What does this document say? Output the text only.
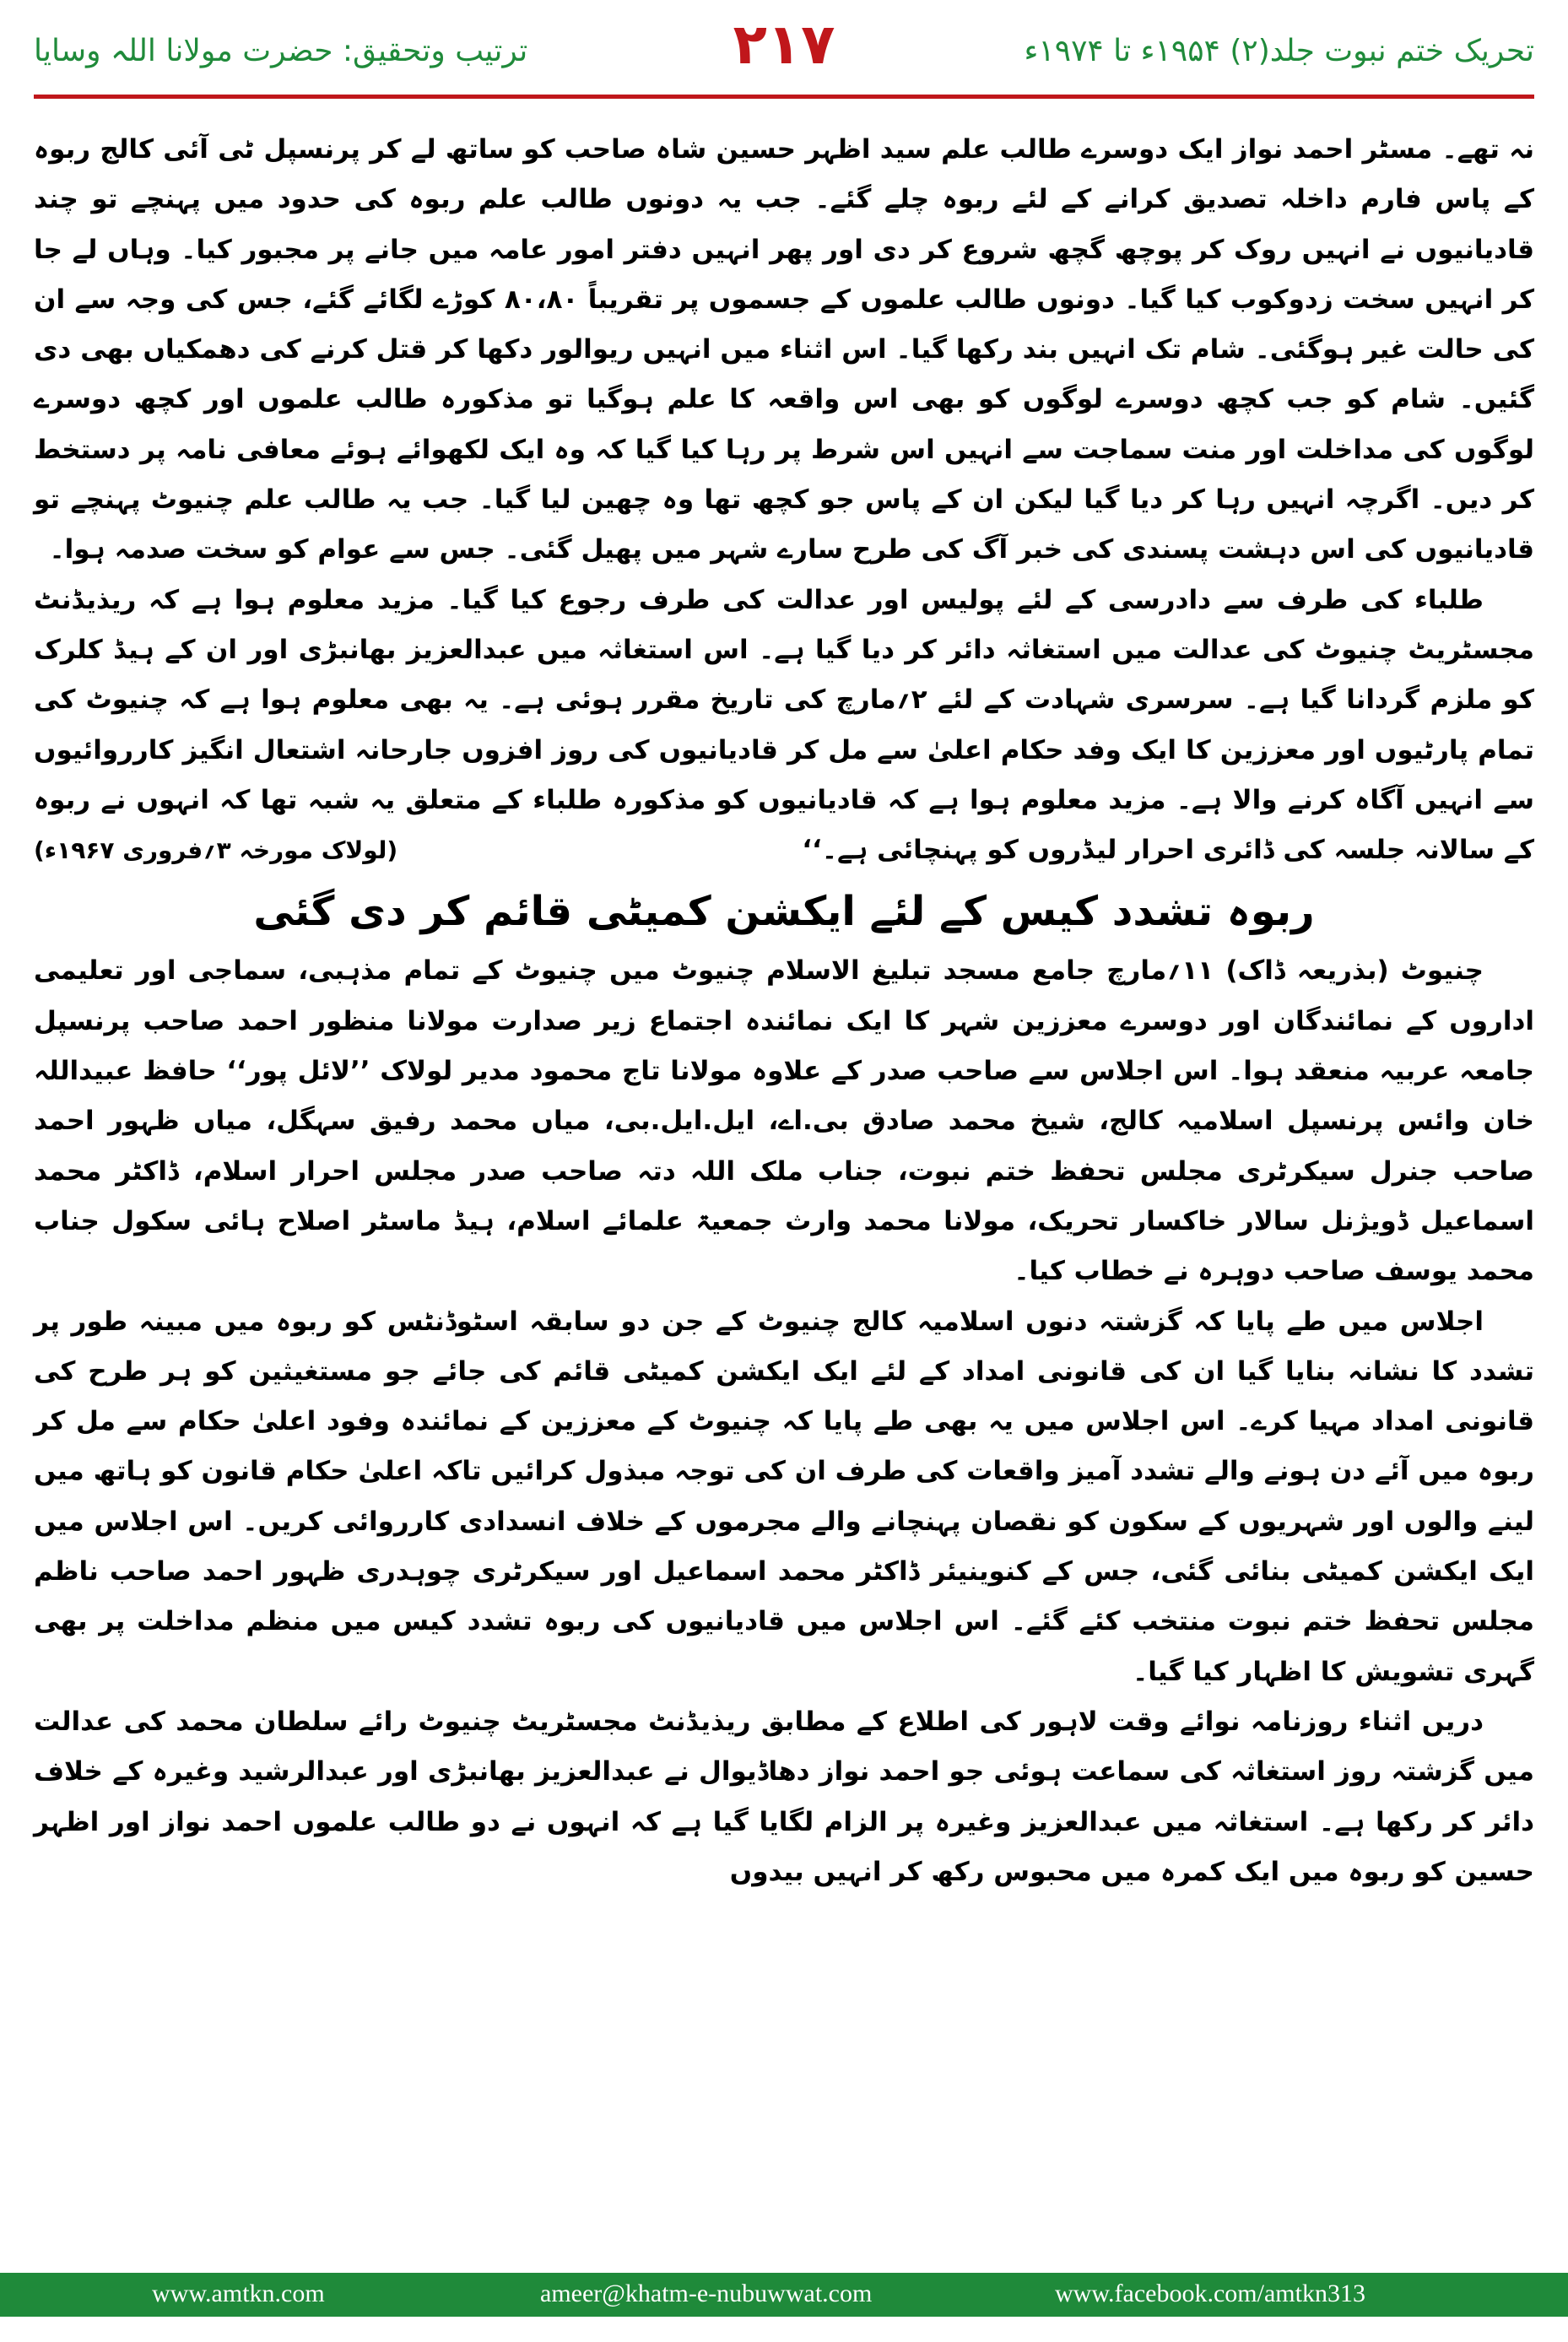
تحریک ختم نبوت جلد(۲) ۱۹۵۴ء تا ۱۹۷۴ء
۲۱۷
ترتیب وتحقیق: حضرت مولانا اللہ وسایا

نہ تھے۔ مسٹر احمد نواز ایک دوسرے طالب علم سید اظہر حسین شاہ صاحب کو ساتھ لے کر پرنسپل ٹی آئی کالج ربوہ کے پاس فارم داخلہ تصدیق کرانے کے لئے ربوہ چلے گئے۔ جب یہ دونوں طالب علم ربوہ کی حدود میں پہنچے تو چند قادیانیوں نے انہیں روک کر پوچھ گچھ شروع کر دی اور پھر انہیں دفتر امور عامہ میں جانے پر مجبور کیا۔ وہاں لے جا کر انہیں سخت زدوکوب کیا گیا۔ دونوں طالب علموں کے جسموں پر تقریباً ۸۰،۸۰ کوڑے لگائے گئے، جس کی وجہ سے ان کی حالت غیر ہوگئی۔ شام تک انہیں بند رکھا گیا۔ اس اثناء میں انہیں ریوالور دکھا کر قتل کرنے کی دھمکیاں بھی دی گئیں۔ شام کو جب کچھ دوسرے لوگوں کو بھی اس واقعہ کا علم ہوگیا تو مذکورہ طالب علموں اور کچھ دوسرے لوگوں کی مداخلت اور منت سماجت سے انہیں اس شرط پر رہا کیا گیا کہ وہ ایک لکھوائے ہوئے معافی نامہ پر دستخط کر دیں۔ اگرچہ انہیں رہا کر دیا گیا لیکن ان کے پاس جو کچھ تھا وہ چھین لیا گیا۔ جب یہ طالب علم چنیوٹ پہنچے تو قادیانیوں کی اس دہشت پسندی کی خبر آگ کی طرح سارے شہر میں پھیل گئی۔ جس سے عوام کو سخت صدمہ ہوا۔

طلباء کی طرف سے دادرسی کے لئے پولیس اور عدالت کی طرف رجوع کیا گیا۔ مزید معلوم ہوا ہے کہ ریذیڈنٹ مجسٹریٹ چنیوٹ کی عدالت میں استغاثہ دائر کر دیا گیا ہے۔ اس استغاثہ میں عبدالعزیز بھانبڑی اور ان کے ہیڈ کلرک کو ملزم گردانا گیا ہے۔ سرسری شہادت کے لئے ۲؍مارچ کی تاریخ مقرر ہوئی ہے۔ یہ بھی معلوم ہوا ہے کہ چنیوٹ کی تمام پارٹیوں اور معززین کا ایک وفد حکام اعلیٰ سے مل کر قادیانیوں کی روز افزوں جارحانہ اشتعال انگیز کارروائیوں سے انہیں آگاہ کرنے والا ہے۔ مزید معلوم ہوا ہے کہ قادیانیوں کو مذکورہ طلباء کے متعلق یہ شبہ تھا کہ انہوں نے ربوہ کے سالانہ جلسہ کی ڈائری احرار لیڈروں کو پہنچائی ہے۔‘‘
(لولاک مورخہ ۳؍فروری ۱۹۶۷ء)

ربوہ تشدد کیس کے لئے ایکشن کمیٹی قائم کر دی گئی

چنیوٹ (بذریعہ ڈاک) ۱۱؍مارچ جامع مسجد تبلیغ الاسلام چنیوٹ میں چنیوٹ کے تمام مذہبی، سماجی اور تعلیمی اداروں کے نمائندگان اور دوسرے معززین شہر کا ایک نمائندہ اجتماع زیر صدارت مولانا منظور احمد صاحب پرنسپل جامعہ عربیہ منعقد ہوا۔ اس اجلاس سے صاحب صدر کے علاوہ مولانا تاج محمود مدیر لولاک ’’لائل پور‘‘ حافظ عبیداللہ خان وائس پرنسپل اسلامیہ کالج، شیخ محمد صادق بی.اے، ایل.ایل.بی، میاں محمد رفیق سہگل، میاں ظہور احمد صاحب جنرل سیکرٹری مجلس تحفظ ختم نبوت، جناب ملک اللہ دتہ صاحب صدر مجلس احرار اسلام، ڈاکٹر محمد اسماعیل ڈویژنل سالار خاکسار تحریک، مولانا محمد وارث جمعیۃ علمائے اسلام، ہیڈ ماسٹر اصلاح ہائی سکول جناب محمد یوسف صاحب دوہرہ نے خطاب کیا۔

اجلاس میں طے پایا کہ گزشتہ دنوں اسلامیہ کالج چنیوٹ کے جن دو سابقہ اسٹوڈنٹس کو ربوہ میں مبینہ طور پر تشدد کا نشانہ بنایا گیا ان کی قانونی امداد کے لئے ایک ایکشن کمیٹی قائم کی جائے جو مستغیثین کو ہر طرح کی قانونی امداد مہیا کرے۔ اس اجلاس میں یہ بھی طے پایا کہ چنیوٹ کے معززین کے نمائندہ وفود اعلیٰ حکام سے مل کر ربوہ میں آئے دن ہونے والے تشدد آمیز واقعات کی طرف ان کی توجہ مبذول کرائیں تاکہ اعلیٰ حکام قانون کو ہاتھ میں لینے والوں اور شہریوں کے سکون کو نقصان پہنچانے والے مجرموں کے خلاف انسدادی کارروائی کریں۔ اس اجلاس میں ایک ایکشن کمیٹی بنائی گئی، جس کے کنوینیئر ڈاکٹر محمد اسماعیل اور سیکرٹری چوہدری ظہور احمد صاحب ناظم مجلس تحفظ ختم نبوت منتخب کئے گئے۔ اس اجلاس میں قادیانیوں کی ربوہ تشدد کیس میں منظم مداخلت پر بھی گہری تشویش کا اظہار کیا گیا۔

دریں اثناء روزنامہ نوائے وقت لاہور کی اطلاع کے مطابق ریذیڈنٹ مجسٹریٹ چنیوٹ رائے سلطان محمد کی عدالت میں گزشتہ روز استغاثہ کی سماعت ہوئی جو احمد نواز دھاڈیوال نے عبدالعزیز بھانبڑی اور عبدالرشید وغیرہ کے خلاف دائر کر رکھا ہے۔ استغاثہ میں عبدالعزیز وغیرہ پر الزام لگایا گیا ہے کہ انہوں نے دو طالب علموں احمد نواز اور اظہر حسین کو ربوہ میں ایک کمرہ میں محبوس رکھ کر انہیں بیدوں

www.amtkn.com	ameer@khatm-e-nubuwwat.com	www.facebook.com/amtkn313
